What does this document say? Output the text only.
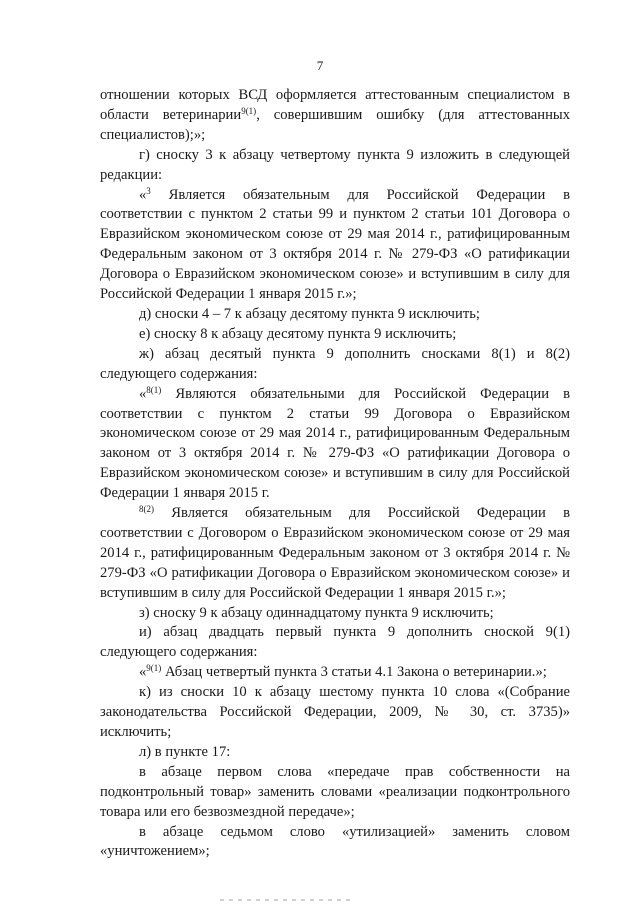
7

отношении которых ВСД оформляется аттестованным специалистом в области ветеринарии$^{9(1)}$, совершившим ошибку (для аттестованных специалистов);»;

г) сноску 3 к абзацу четвертому пункта 9 изложить в следующей редакции:

«$^3$ Является обязательным для Российской Федерации в соответствии с пунктом 2 статьи 99 и пунктом 2 статьи 101 Договора о Евразийском экономическом союзе от 29 мая 2014 г., ратифицированным Федеральным законом от 3 октября 2014 г. № 279-ФЗ «О ратификации Договора о Евразийском экономическом союзе» и вступившим в силу для Российской Федерации 1 января 2015 г.»;

д) сноски 4 – 7 к абзацу десятому пункта 9 исключить;

е) сноску 8 к абзацу десятому пункта 9 исключить;

ж) абзац десятый пункта 9 дополнить сносками 8(1) и 8(2) следующего содержания:

«$^{8(1)}$ Являются обязательными для Российской Федерации в соответствии с пунктом 2 статьи 99 Договора о Евразийском экономическом союзе от 29 мая 2014 г., ратифицированным Федеральным законом от 3 октября 2014 г. № 279-ФЗ «О ратификации Договора о Евразийском экономическом союзе» и вступившим в силу для Российской Федерации 1 января 2015 г.

$^{8(2)}$ Является обязательным для Российской Федерации в соответствии с Договором о Евразийском экономическом союзе от 29 мая 2014 г., ратифицированным Федеральным законом от 3 октября 2014 г. № 279-ФЗ «О ратификации Договора о Евразийском экономическом союзе» и вступившим в силу для Российской Федерации 1 января 2015 г.»;

з) сноску 9 к абзацу одиннадцатому пункта 9 исключить;

и) абзац двадцать первый пункта 9 дополнить сноской 9(1) следующего содержания:

«$^{9(1)}$ Абзац четвертый пункта 3 статьи 4.1 Закона о ветеринарии.»;

к) из сноски 10 к абзацу шестому пункта 10 слова «(Собрание законодательства Российской Федерации, 2009, № 30, ст. 3735)» исключить;

л) в пункте 17:

в абзаце первом слова «передаче прав собственности на подконтрольный товар» заменить словами «реализации подконтрольного товара или его безвозмездной передаче»;

в абзаце седьмом слово «утилизацией» заменить словом «уничтожением»;
